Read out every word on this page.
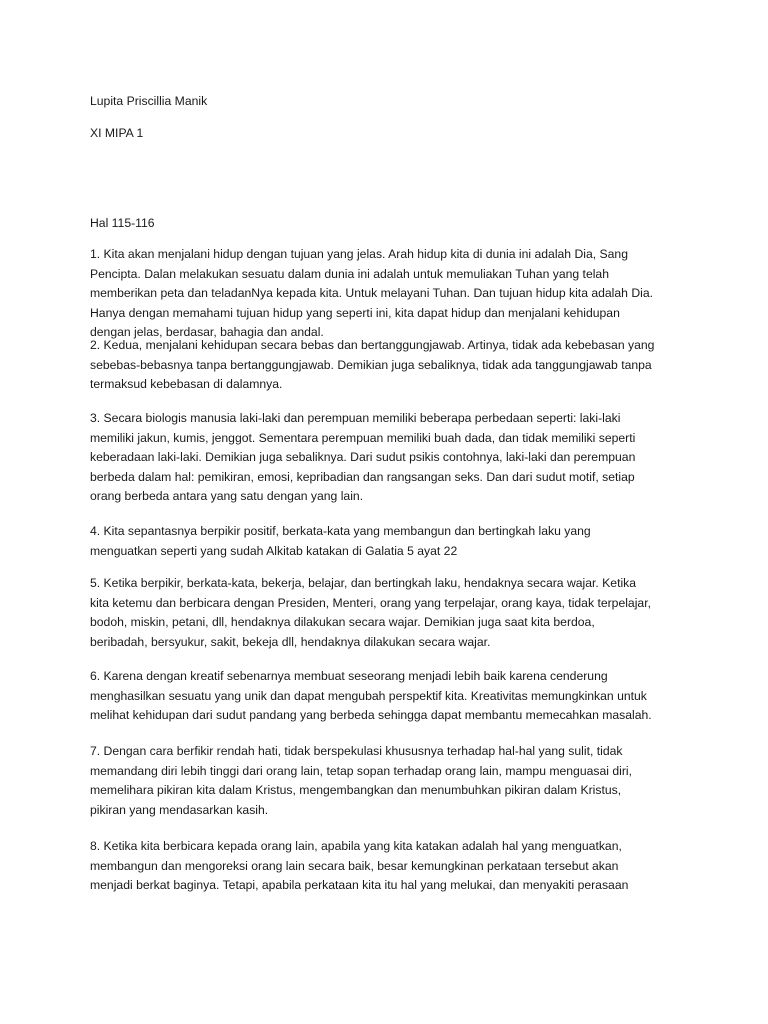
Lupita Priscillia Manik
XI MIPA 1
Hal 115-116
1. Kita akan menjalani hidup dengan tujuan yang jelas. Arah hidup kita di dunia ini adalah Dia, Sang
Pencipta. Dalan melakukan sesuatu dalam dunia ini adalah untuk memuliakan Tuhan yang telah
memberikan peta dan teladanNya kepada kita. Untuk melayani Tuhan. Dan tujuan hidup kita adalah Dia.
Hanya dengan memahami tujuan hidup yang seperti ini, kita dapat hidup dan menjalani kehidupan
dengan jelas, berdasar, bahagia dan andal.
2. Kedua, menjalani kehidupan secara bebas dan bertanggungjawab. Artinya, tidak ada kebebasan yang
sebebas-bebasnya tanpa bertanggungjawab. Demikian juga sebaliknya, tidak ada tanggungjawab tanpa
termaksud kebebasan di dalamnya.
3. Secara biologis manusia laki-laki dan perempuan memiliki beberapa perbedaan seperti: laki-laki
memiliki jakun, kumis, jenggot. Sementara perempuan memiliki buah dada, dan tidak memiliki seperti
keberadaan laki-laki. Demikian juga sebaliknya. Dari sudut psikis contohnya, laki-laki dan perempuan
berbeda dalam hal: pemikiran, emosi, kepribadian dan rangsangan seks. Dan dari sudut motif, setiap
orang berbeda antara yang satu dengan yang lain.
4. Kita sepantasnya berpikir positif, berkata-kata yang membangun dan bertingkah laku yang
menguatkan seperti yang sudah Alkitab katakan di Galatia 5 ayat 22
5. Ketika berpikir, berkata-kata, bekerja, belajar, dan bertingkah laku, hendaknya secara wajar. Ketika
kita ketemu dan berbicara dengan Presiden, Menteri, orang yang terpelajar, orang kaya, tidak terpelajar,
bodoh, miskin, petani, dll, hendaknya dilakukan secara wajar. Demikian juga saat kita berdoa,
beribadah, bersyukur, sakit, bekeja dll, hendaknya dilakukan secara wajar.
6. Karena dengan kreatif sebenarnya membuat seseorang menjadi lebih baik karena cenderung
menghasilkan sesuatu yang unik dan dapat mengubah perspektif kita. Kreativitas memungkinkan untuk
melihat kehidupan dari sudut pandang yang berbeda sehingga dapat membantu memecahkan masalah.
7. Dengan cara berfikir rendah hati, tidak berspekulasi khususnya terhadap hal-hal yang sulit, tidak
memandang diri lebih tinggi dari orang lain, tetap sopan terhadap orang lain, mampu menguasai diri,
memelihara pikiran kita dalam Kristus, mengembangkan dan menumbuhkan pikiran dalam Kristus,
pikiran yang mendasarkan kasih.
8. Ketika kita berbicara kepada orang lain, apabila yang kita katakan adalah hal yang menguatkan,
membangun dan mengoreksi orang lain secara baik, besar kemungkinan perkataan tersebut akan
menjadi berkat baginya. Tetapi, apabila perkataan kita itu hal yang melukai, dan menyakiti perasaan
